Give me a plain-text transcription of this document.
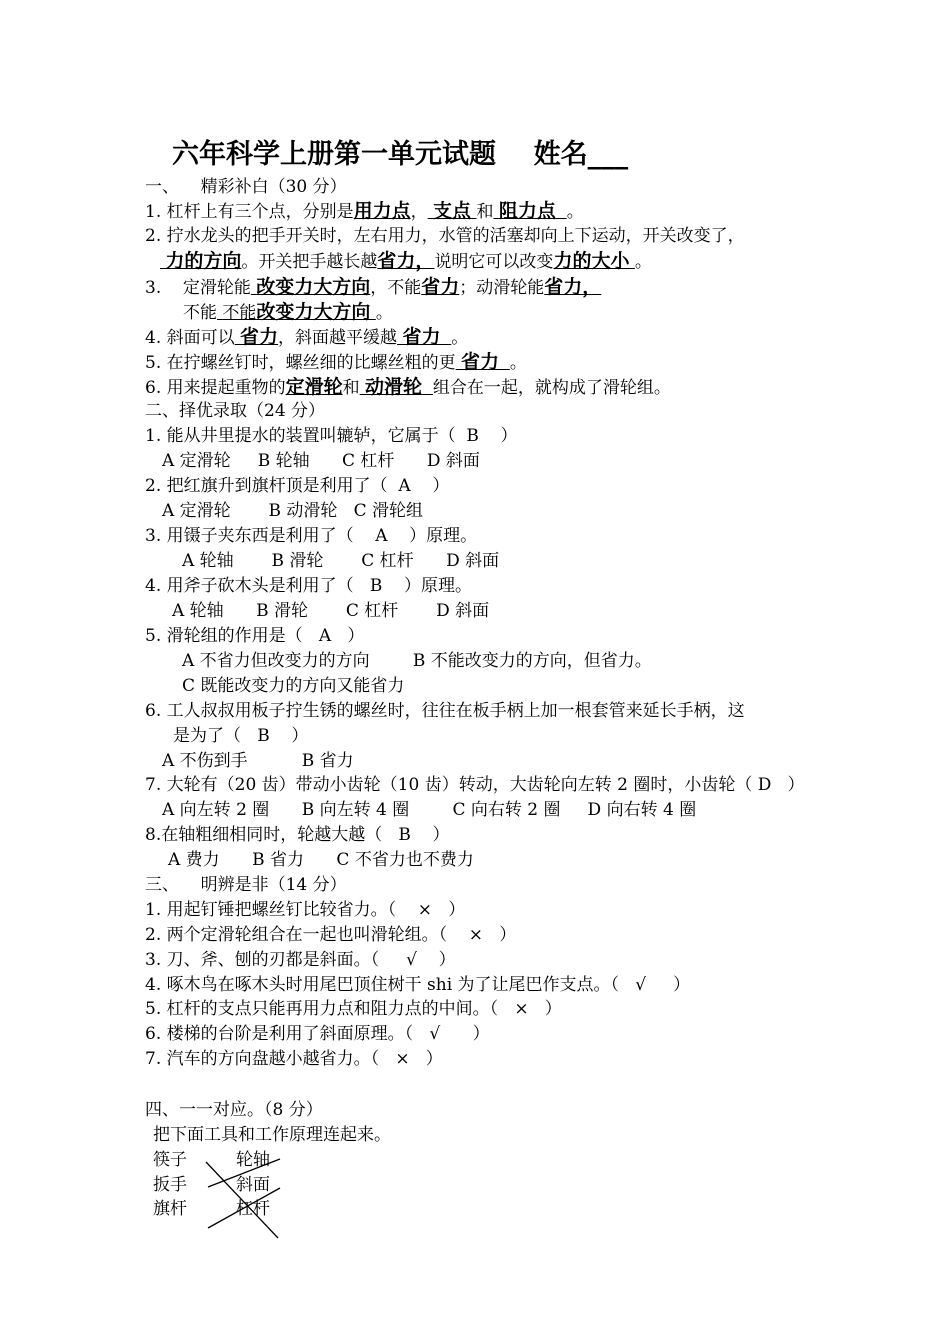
六年科学上册第一单元试题 姓名___
一、    精彩补白（30 分）
1. 杠杆上有三个点，分别是用力点， 支点 和 阻力点 。
2. 拧水龙头的把手开关时，左右用力，水管的活塞却向上下运动，开关改变了，
力的方向。开关把手越长越省力，说明它可以改变力的大小 。
3.    定滑轮能 改变力大方向，不能省力；动滑轮能省力，
不能 不能改变力大方向 。
4. 斜面可以 省力，斜面越平缓越 省力 。
5. 在拧螺丝钉时，螺丝细的比螺丝粗的更 省力 。
6. 用来提起重物的定滑轮和 动滑轮 组合在一起，就构成了滑轮组。
二、择优录取（24 分）
1. 能从井里提水的装置叫辘轳，它属于（  B    ）
A 定滑轮     B 轮轴      C 杠杆      D 斜面
2. 把红旗升到旗杆顶是利用了（  A    ）
A 定滑轮       B 动滑轮   C 滑轮组
3. 用镊子夹东西是利用了（    A    ）原理。
A 轮轴       B 滑轮       C 杠杆      D 斜面
4. 用斧子砍木头是利用了（   B    ）原理。
A 轮轴      B 滑轮       C 杠杆       D 斜面
5. 滑轮组的作用是（   A   ）
A 不省力但改变力的方向        B 不能改变力的方向，但省力。
C 既能改变力的方向又能省力
6. 工人叔叔用板子拧生锈的螺丝时，往往在板手柄上加一根套管来延长手柄，这
是为了（   B    ）
A 不伤到手          B 省力
7. 大轮有（20 齿）带动小齿轮（10 齿）转动，大齿轮向左转 2 圈时，小齿轮（ D   ）
A 向左转 2 圈      B 向左转 4 圈        C 向右转 2 圈     D 向右转 4 圈
8.在轴粗细相同时，轮越大越（   B    ）
A 费力      B 省力      C 不省力也不费力
三、    明辨是非（14 分）
1. 用起钉锤把螺丝钉比较省力。（    ×   ）
2. 两个定滑轮组合在一起也叫滑轮组。（    ×   ）
3. 刀、斧、刨的刃都是斜面。（     √    ）
4. 啄木鸟在啄木头时用尾巴顶住树干 shi 为了让尾巴作支点。（   √     ）
5. 杠杆的支点只能再用力点和阻力点的中间。（   ×   ）
6. 楼梯的台阶是利用了斜面原理。（   √      ）
7. 汽车的方向盘越小越省力。（   ×   ）
四、一一对应。（8 分）
把下面工具和工作原理连起来。
筷子
扳手
旗杆
轮轴
斜面
杠杆
